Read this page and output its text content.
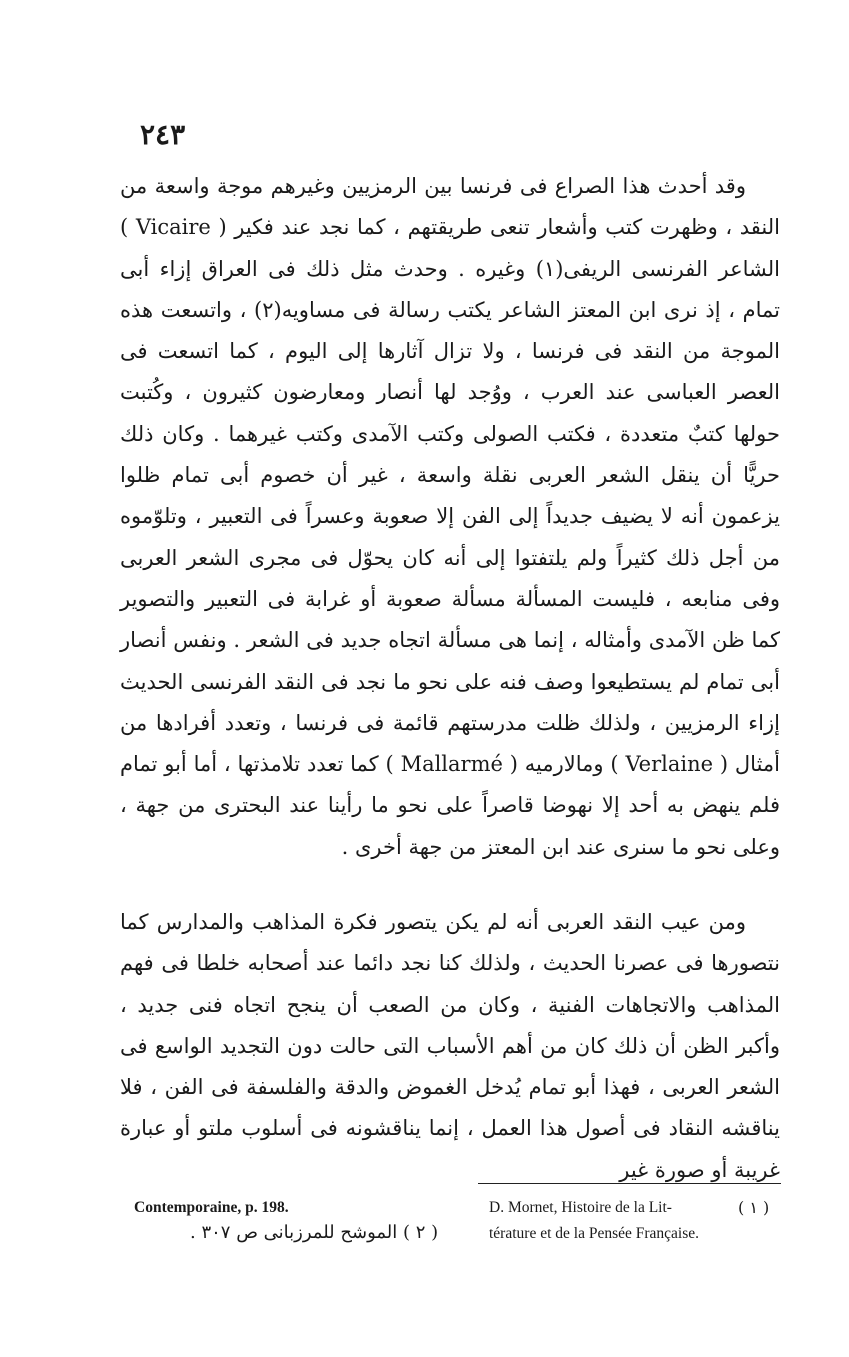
٢٤٣

وقد أحدث هذا الصراع فى فرنسا بين الرمزيين وغيرهم موجة واسعة من النقد ، وظهرت كتب وأشعار تنعى طريقتهم ، كما نجد عند فكير ( Vicaire ) الشاعر الفرنسى الريفى(١) وغيره . وحدث مثل ذلك فى العراق إزاء أبى تمام ، إذ نرى ابن المعتز الشاعر يكتب رسالة فى مساويه(٢) ، واتسعت هذه الموجة من النقد فى فرنسا ، ولا تزال آثارها إلى اليوم ، كما اتسعت فى العصر العباسى عند العرب ، ووُجد لها أنصار ومعارضون كثيرون ، وكُتبت حولها كتبٌ متعددة ، فكتب الصولى وكتب الآمدى وكتب غيرهما . وكان ذلك حريًّا أن ينقل الشعر العربى نقلة واسعة ، غير أن خصوم أبى تمام ظلوا يزعمون أنه لا يضيف جديداً إلى الفن إلا صعوبة وعسراً فى التعبير ، وتلوّموه من أجل ذلك كثيراً ولم يلتفتوا إلى أنه كان يحوّل فى مجرى الشعر العربى وفى منابعه ، فليست المسألة مسألة صعوبة أو غرابة فى التعبير والتصوير كما ظن الآمدى وأمثاله ، إنما هى مسألة اتجاه جديد فى الشعر . ونفس أنصار أبى تمام لم يستطيعوا وصف فنه على نحو ما نجد فى النقد الفرنسى الحديث إزاء الرمزيين ، ولذلك ظلت مدرستهم قائمة فى فرنسا ، وتعدد أفرادها من أمثال ( Verlaine ) ومالارميه ( Mallarmé ) كما تعدد تلامذتها ، أما أبو تمام فلم ينهض به أحد إلا نهوضا قاصراً على نحو ما رأينا عند البحترى من جهة ، وعلى نحو ما سنرى عند ابن المعتز من جهة أخرى .

ومن عيب النقد العربى أنه لم يكن يتصور فكرة المذاهب والمدارس كما نتصورها فى عصرنا الحديث ، ولذلك كنا نجد دائما عند أصحابه خلطا فى فهم المذاهب والاتجاهات الفنية ، وكان من الصعب أن ينجح اتجاه فنى جديد ، وأكبر الظن أن ذلك كان من أهم الأسباب التى حالت دون التجديد الواسع فى الشعر العربى ، فهذا أبو تمام يُدخل الغموض والدقة والفلسفة فى الفن ، فلا يناقشه النقاد فى أصول هذا العمل ، إنما يناقشونه فى أسلوب ملتو أو عبارة غريبة أو صورة غير

( ١ )
D. Mornet, Histoire de la Lit-
térature et de la Pensée Française.
Contemporaine, p. 198.
( ٢ ) الموشح للمرزبانى ص ٣٠٧ .
